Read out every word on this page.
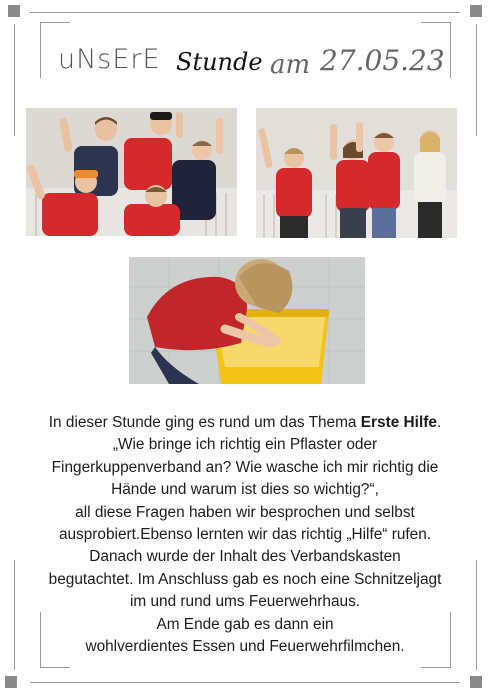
uNsErE Stunde am 27.05.23
In dieser Stunde ging es rund um das Thema Erste Hilfe.
„Wie bringe ich richtig ein Pflaster oder
Fingerkuppenverband an? Wie wasche ich mir richtig die
Hände und warum ist dies so wichtig?“,
all diese Fragen haben wir besprochen und selbst
ausprobiert.Ebenso lernten wir das richtig „Hilfe“ rufen.
Danach wurde der Inhalt des Verbandskasten
begutachtet. Im Anschluss gab es noch eine Schnitzeljagt
im und rund ums Feuerwehrhaus.
Am Ende gab es dann ein
wohlverdientes Essen und Feuerwehrfilmchen.
